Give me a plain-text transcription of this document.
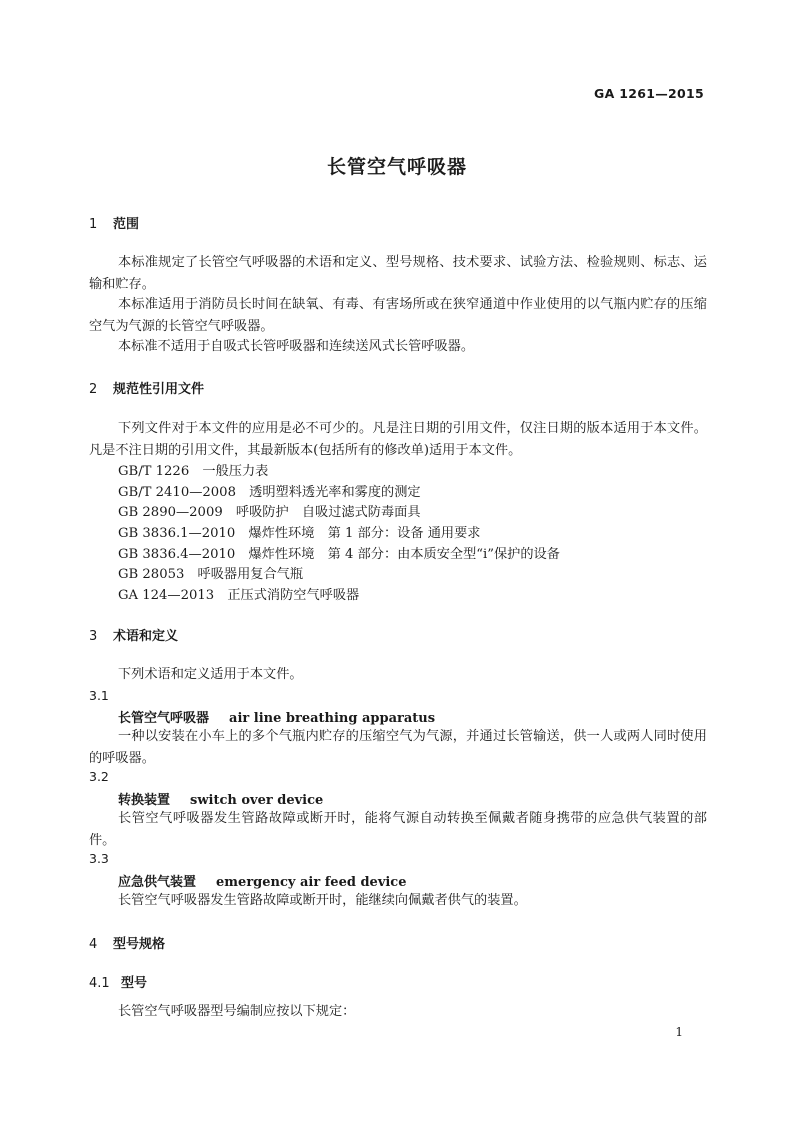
GA 1261—2015
长管空气呼吸器
1 范围
本标准规定了长管空气呼吸器的术语和定义、型号规格、技术要求、试验方法、检验规则、标志、运输和贮存。
本标准适用于消防员长时间在缺氧、有毒、有害场所或在狭窄通道中作业使用的以气瓶内贮存的压缩空气为气源的长管空气呼吸器。
本标准不适用于自吸式长管呼吸器和连续送风式长管呼吸器。
2 规范性引用文件
下列文件对于本文件的应用是必不可少的。凡是注日期的引用文件，仅注日期的版本适用于本文件。凡是不注日期的引用文件，其最新版本(包括所有的修改单)适用于本文件。
GB/T 1226　一般压力表
GB/T 2410—2008　透明塑料透光率和雾度的测定
GB 2890—2009　呼吸防护　自吸过滤式防毒面具
GB 3836.1—2010　爆炸性环境　第 1 部分：设备 通用要求
GB 3836.4—2010　爆炸性环境　第 4 部分：由本质安全型“i”保护的设备
GB 28053　呼吸器用复合气瓶
GA 124—2013　正压式消防空气呼吸器
3 术语和定义
下列术语和定义适用于本文件。
3.1
长管空气呼吸器 air line breathing apparatus
一种以安装在小车上的多个气瓶内贮存的压缩空气为气源，并通过长管输送，供一人或两人同时使用的呼吸器。
3.2
转换装置 switch over device
长管空气呼吸器发生管路故障或断开时，能将气源自动转换至佩戴者随身携带的应急供气装置的部件。
3.3
应急供气装置 emergency air feed device
长管空气呼吸器发生管路故障或断开时，能继续向佩戴者供气的装置。
4 型号规格
4.1 型号
长管空气呼吸器型号编制应按以下规定：
1
